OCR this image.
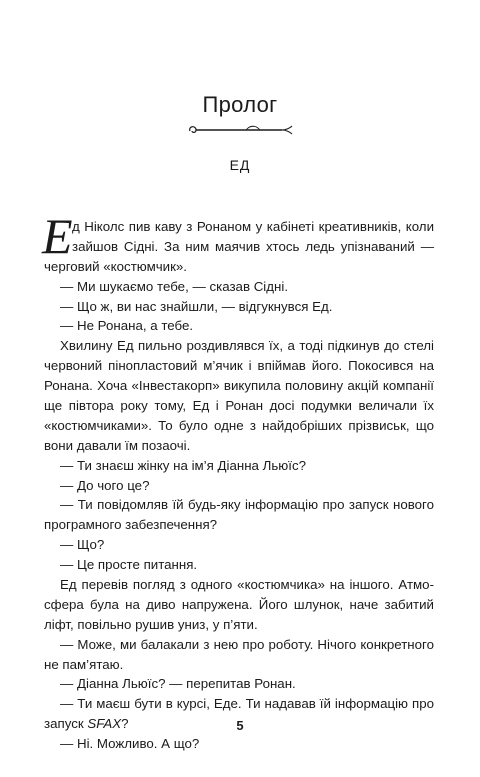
Пролог
ЕД
Е д Ніколс пив каву з Ронаном у кабінеті креативників, коли
зайшов Сідні. За ним маячив хтось ледь упізнаваний —
черговий «костюмчик».
— Ми шукаємо тебе, — сказав Сідні.
— Що ж, ви нас знайшли, — відгукнувся Ед.
— Не Ронана, а тебе.
Хвилину Ед пильно роздивлявся їх, а тоді підкинув до стелі
червоний пінопластовий м’ячик і впіймав його. Покосився на
Ронана. Хоча «Інвестакорп» викупила половину акцій компанії
ще півтора року тому, Ед і Ронан досі подумки величали їх
«костюмчиками». То було одне з найдобріших прізвиськ, що
вони давали їм позаочі.
— Ти знаєш жінку на ім’я Діанна Льюїс?
— До чого це?
— Ти повідомляв їй будь-яку інформацію про запуск нового
програмного забезпечення?
— Що?
— Це просте питання.
Ед перевів погляд з одного «костюмчика» на іншого. Атмо-
сфера була на диво напружена. Його шлунок, наче забитий
ліфт, повільно рушив униз, у п’яти.
— Може, ми балакали з нею про роботу. Нічого конкретного
не пам’ятаю.
— Діанна Льюїс? — перепитав Ронан.
— Ти маєш бути в курсі, Еде. Ти надавав їй інформацію про
запуск SFAX?
— Ні. Можливо. А що?
5
